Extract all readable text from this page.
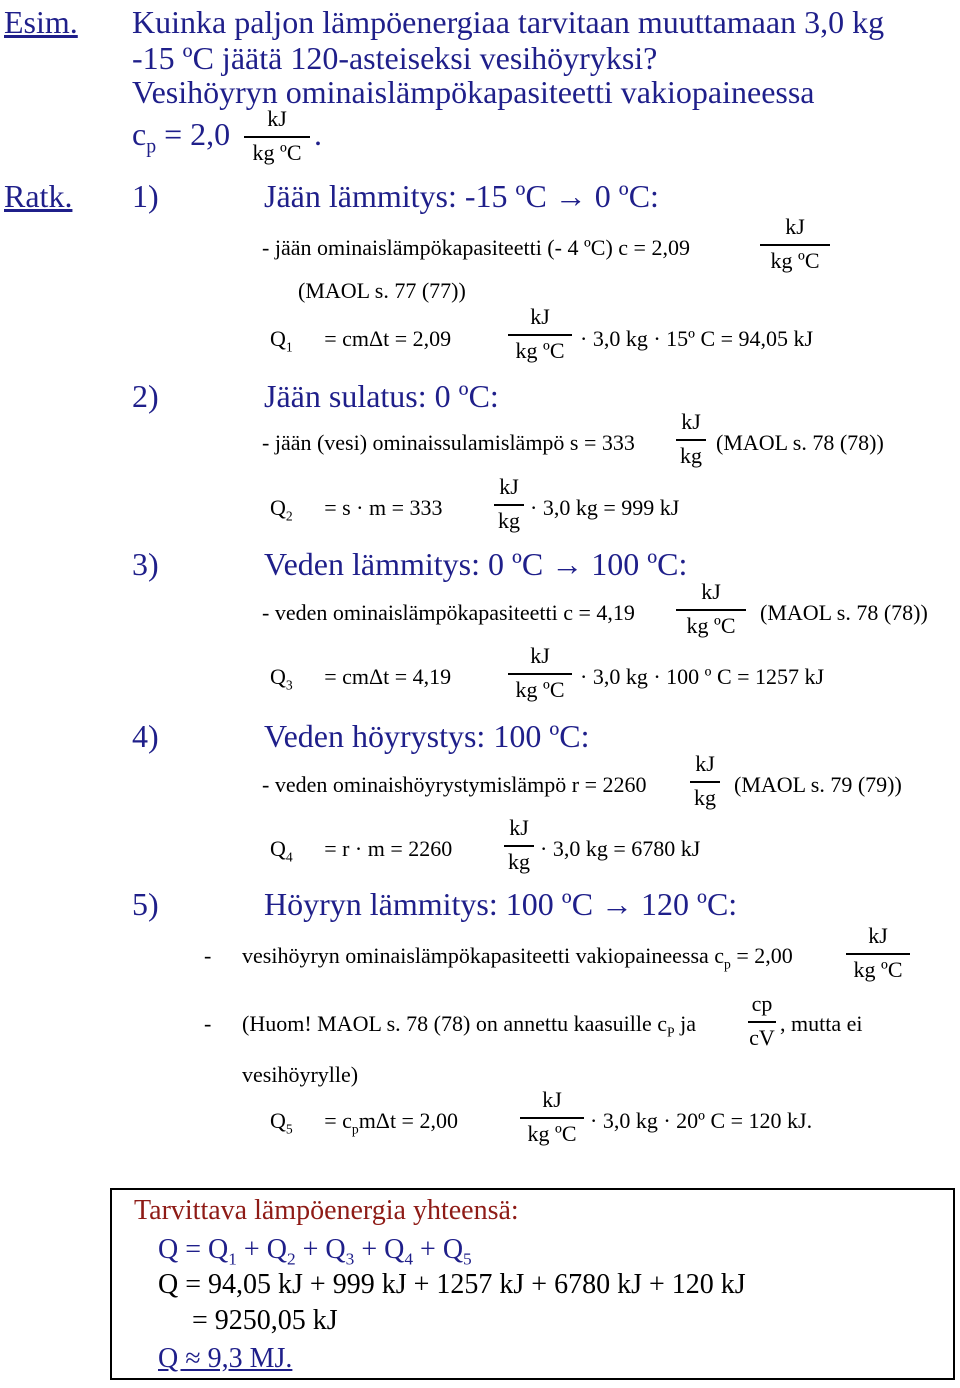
Esim. Kuinka paljon lämpöenergiaa tarvitaan muuttamaan 3,0 kg
-15 ºC jäätä 120-asteiseksi vesihöyryksi?
Vesihöyryn ominaislämpökapasiteetti vakiopaineessa
$c_p = 2,0$	kJ
kg ºC
.
Ratk. 1)	Jään lämmitys: -15 ºC → 0 ºC:
- jään ominaislämpökapasiteetti (- 4 ºC) c = 2,09
kJ
kg ºC
(MAOL s. 77 (77))
$Q_1 = cm\Delta t = 2,09$
kJ
kg ºC · 3,0 kg · 15º C = 94,05 kJ
2)	Jään sulatus: 0 ºC:
- jään (vesi) ominaissulamislämpö s = 333
kJ
kg
(MAOL s. 78 (78))
$Q_2 = s \cdot m = 333$
kJ
kg
· 3,0 kg = 999 kJ
3)	Veden lämmitys: 0 ºC → 100 ºC:
- veden ominaislämpökapasiteetti c = 4,19
kJ
kg ºC
(MAOL s. 78 (78))
$Q_3 = cm\Delta t = 4,19$
kJ
kg ºC
· 3,0 kg · 100 º C = 1257 kJ
4)	Veden höyrystys: 100 ºC:
- veden ominaishöyrystymislämpö r = 2260
kJ
kg
(MAOL s. 79 (79))
$Q_4 = r \cdot m = 2260$
kJ
kg
· 3,0 kg = 6780 kJ
5)	Höyryn lämmitys: 100 ºC → 120 ºC:
- vesihöyryn ominaislämpökapasiteetti vakiopaineessa $c_p = 2,00$
kJ
kg ºC
- (Huom! MAOL s. 78 (78) on annettu kaasuille $c_P$ ja
cp
cV
, mutta ei
vesihöyrylle)
$Q_5 = c_pm\Delta t = 2,00$
kJ
kg ºC
· 3,0 kg · 20º C = 120 kJ.
Tarvittava lämpöenergia yhteensä:
$Q = Q_1 + Q_2 + Q_3 + Q_4 + Q_5$
Q = 94,05 kJ + 999 kJ + 1257 kJ + 6780 kJ + 120 kJ
= 9250,05 kJ
Q ≈ 9,3 MJ.
